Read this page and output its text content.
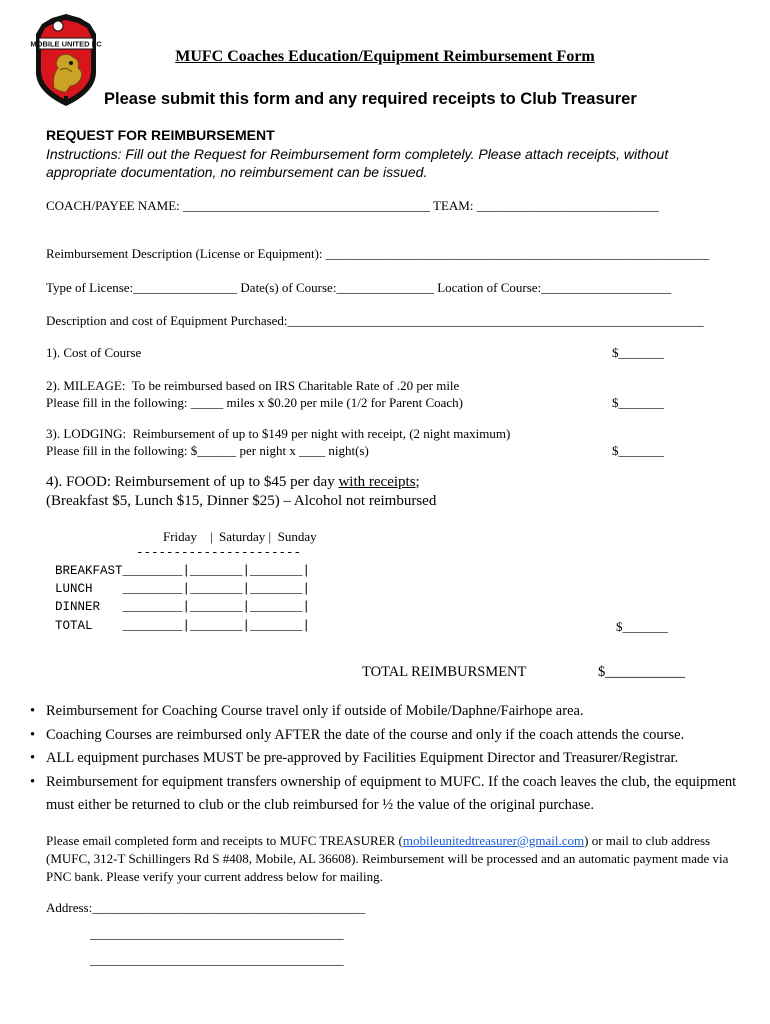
MOBILE UNITED FC
MUFC Coaches Education/Equipment Reimbursement Form
Please submit this form and any required receipts to Club Treasurer
REQUEST FOR REIMBURSEMENT
Instructions: Fill out the Request for Reimbursement form completely. Please attach receipts, without appropriate documentation, no reimbursement can be issued.
COACH/PAYEE NAME: ______________________________________ TEAM: ____________________________
Reimbursement Description (License or Equipment): ___________________________________________________________
Type of License:________________ Date(s) of Course:_______________ Location of Course:____________________
Description and cost of Equipment Purchased:________________________________________________________________
1). Cost of Course	$_______
2). MILEAGE:  To be reimbursed based on IRS Charitable Rate of .20 per mile
Please fill in the following: _____ miles x $0.20 per mile (1/2 for Parent Coach)	$_______
3). LODGING:  Reimbursement of up to $149 per night with receipt, (2 night maximum)
Please fill in the following: $______ per night x ____ night(s)	$_______
4). FOOD: Reimbursement of up to $45 per day with receipts;
(Breakfast $5, Lunch $15, Dinner $25) – Alcohol not reimbursed
Friday    |  Saturday |  Sunday
----------------------
BREAKFAST________|_______|_______|
LUNCH    ________|_______|_______|
DINNER   ________|_______|_______|
TOTAL    ________|_______|_______|	$_______
TOTAL REIMBURSMENT	$___________
• Reimbursement for Coaching Course travel only if outside of Mobile/Daphne/Fairhope area.
• Coaching Courses are reimbursed only AFTER the date of the course and only if the coach attends the course.
• ALL equipment purchases MUST be pre-approved by Facilities Equipment Director and Treasurer/Registrar.
• Reimbursement for equipment transfers ownership of equipment to MUFC. If the coach leaves the club, the equipment must either be returned to club or the club reimbursed for ½ the value of the original purchase.
Please email completed form and receipts to MUFC TREASURER (mobileunitedtreasurer@gmail.com) or mail to club address (MUFC, 312-T Schillingers Rd S #408, Mobile, AL 36608). Reimbursement will be processed and an automatic payment made via PNC bank. Please verify your current address below for mailing.
Address:__________________________________________
_______________________________________
_______________________________________
